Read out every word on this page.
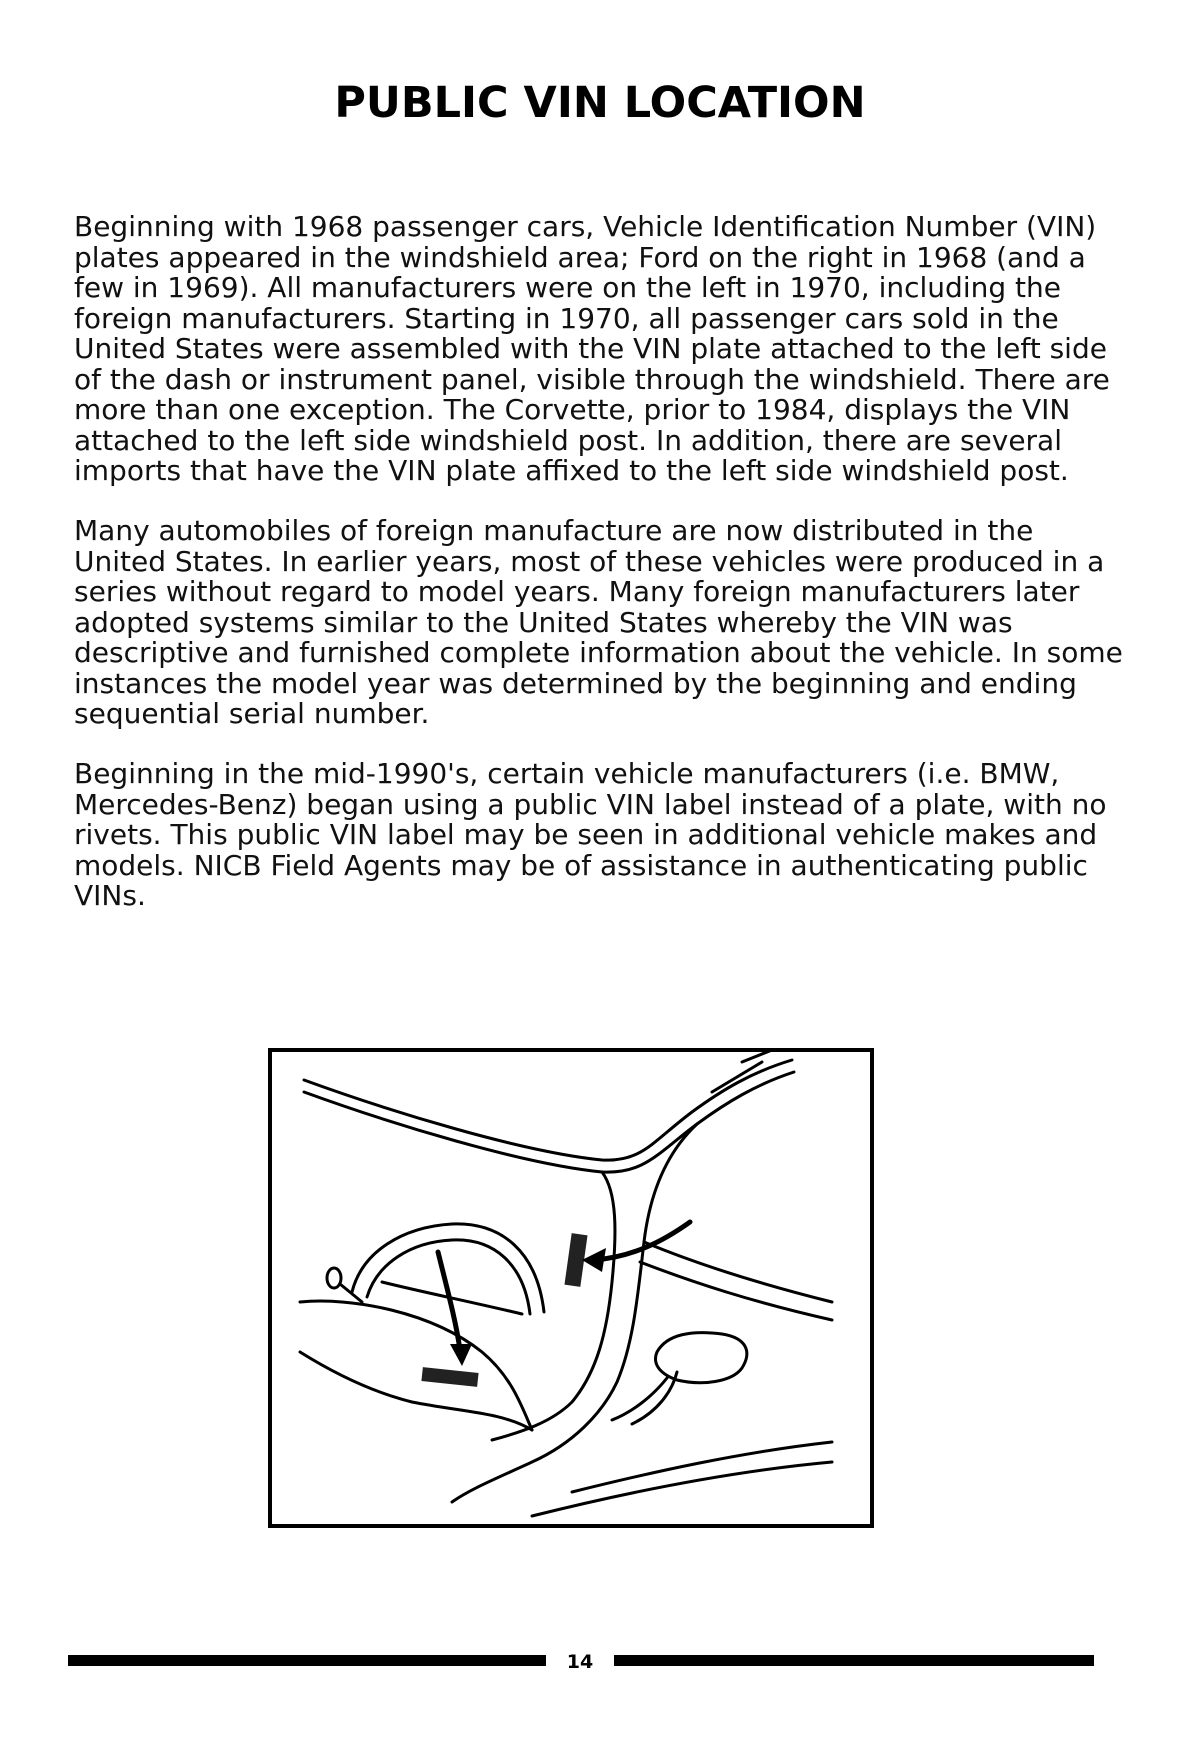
PUBLIC VIN LOCATION

Beginning with 1968 passenger cars, Vehicle Identification Number (VIN) plates appeared in the windshield area; Ford on the right in 1968 (and a few in 1969). All manufacturers were on the left in 1970, including the foreign manufacturers. Starting in 1970, all passenger cars sold in the United States were assembled with the VIN plate attached to the left side of the dash or instrument panel, visible through the windshield. There are more than one exception. The Corvette, prior to 1984, displays the VIN attached to the left side windshield post. In addition, there are several imports that have the VIN plate affixed to the left side windshield post.

Many automobiles of foreign manufacture are now distributed in the United States. In earlier years, most of these vehicles were produced in a series without regard to model years. Many foreign manufacturers later adopted systems similar to the United States whereby the VIN was descriptive and furnished complete information about the vehicle. In some instances the model year was determined by the beginning and ending sequential serial number.

Beginning in the mid-1990's, certain vehicle manufacturers (i.e. BMW, Mercedes-Benz) began using a public VIN label instead of a plate, with no rivets. This public VIN label may be seen in additional vehicle makes and models. NICB Field Agents may be of assistance in authenticating public VINs.

14
